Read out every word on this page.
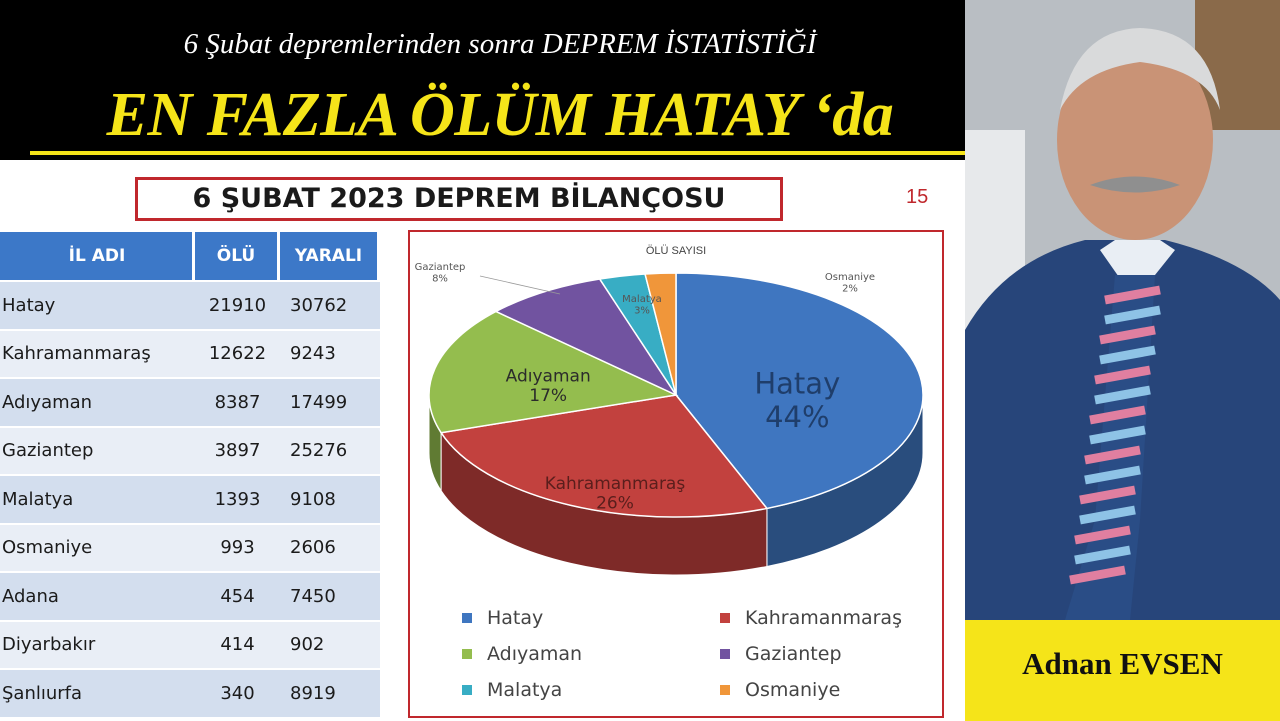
6 Şubat depremlerinden sonra DEPREM İSTATİSTİĞİ
EN FAZLA ÖLÜM HATAY ‘da
6 ŞUBAT 2023 DEPREM BİLANÇOSU	15
İL ADI	ÖLÜ	YARALI
Hatay	21910	30762
Kahramanmaraş	12622	9243
Adıyaman	8387	17499
Gaziantep	3897	25276
Malatya	1393	9108
Osmaniye	993	2606
Adana	454	7450
Diyarbakır	414	902
Şanlıurfa	340	8919
ÖLÜ SAYISI
Hatay
44%
Kahramanmaraş
26%
Adıyaman
17%
Gaziantep
8%
Malatya
3%
Osmaniye
2%
Hatay	Kahramanmaraş
Adıyaman	Gaziantep
Malatya	Osmaniye
Adnan EVSEN
